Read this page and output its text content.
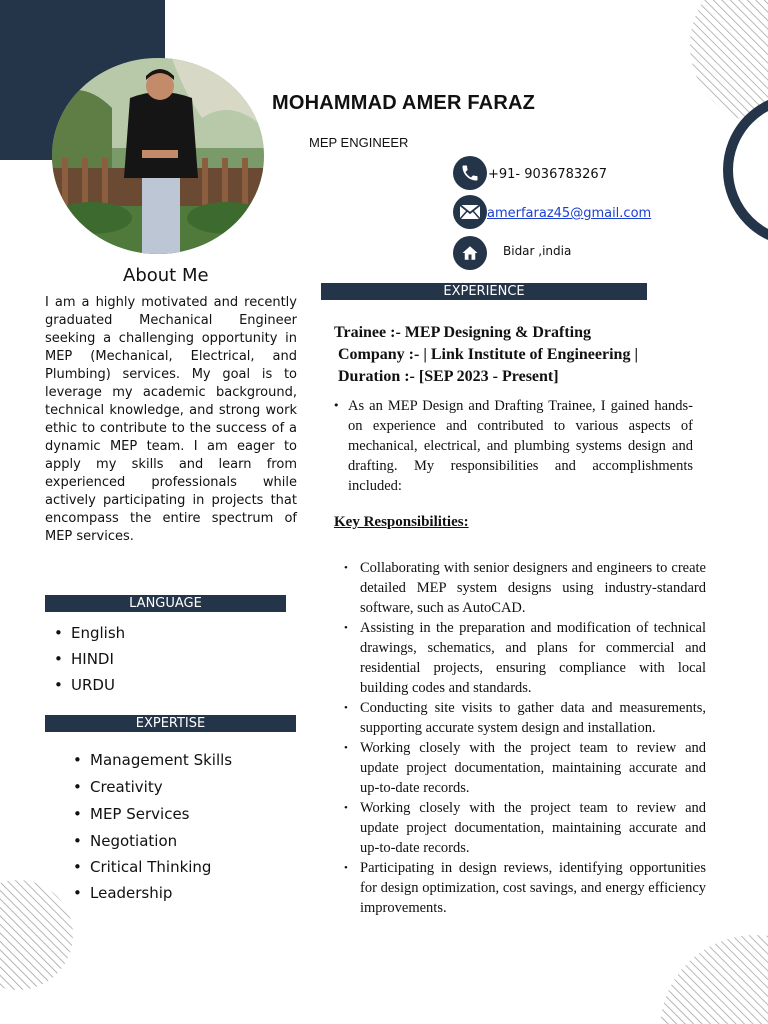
MOHAMMAD AMER FARAZ
MEP ENGINEER
+91- 9036783267
amerfaraz45@gmail.com
Bidar ,india
About Me
I am a highly motivated and recently graduated Mechanical Engineer seeking a challenging opportunity in MEP (Mechanical, Electrical, and Plumbing) services. My goal is to leverage my academic background, technical knowledge, and strong work ethic to contribute to the success of a dynamic MEP team. I am eager to apply my skills and learn from experienced professionals while actively participating in projects that encompass the entire spectrum of MEP services.
LANGUAGE
• English
• HINDI
• URDU
EXPERTISE
• Management Skills
• Creativity
• MEP Services
• Negotiation
• Critical Thinking
• Leadership
EXPERIENCE
Trainee :- MEP Designing & Drafting
Company :- | Link Institute of Engineering |
Duration :- [SEP 2023 - Present]
• As an MEP Design and Drafting Trainee, I gained hands-on experience and contributed to various aspects of mechanical, electrical, and plumbing systems design and drafting. My responsibilities and accomplishments included:
Key Responsibilities:
• Collaborating with senior designers and engineers to create detailed MEP system designs using industry-standard software, such as AutoCAD.
• Assisting in the preparation and modification of technical drawings, schematics, and plans for commercial and residential projects, ensuring compliance with local building codes and standards.
• Conducting site visits to gather data and measurements, supporting accurate system design and installation.
• Working closely with the project team to review and update project documentation, maintaining accurate and up-to-date records.
• Working closely with the project team to review and update project documentation, maintaining accurate and up-to-date records.
• Participating in design reviews, identifying opportunities for design optimization, cost savings, and energy efficiency improvements.
